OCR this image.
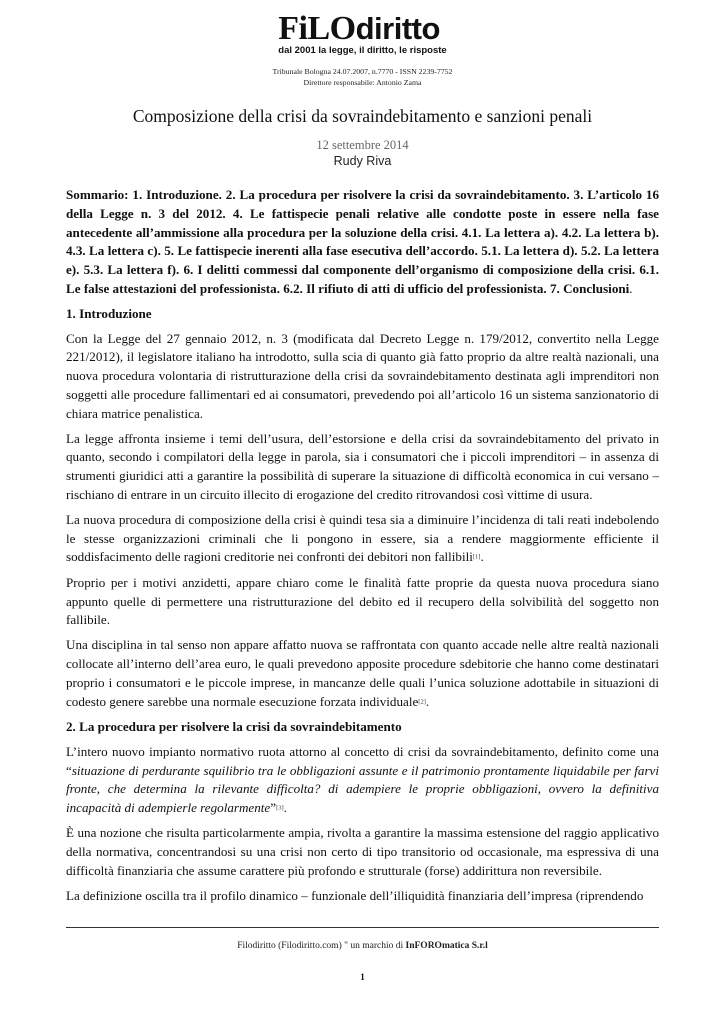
FiLOdiritto
dal 2001 la legge, il diritto, le risposte
Tribunale Bologna 24.07.2007, n.7770 - ISSN 2239-7752
Direttore responsabile: Antonio Zama
Composizione della crisi da sovraindebitamento e sanzioni penali
12 settembre 2014
Rudy Riva

Sommario: 1. Introduzione. 2. La procedura per risolvere la crisi da sovraindebitamento. 3. L’articolo 16 della Legge n. 3 del 2012. 4. Le fattispecie penali relative alle condotte poste in essere nella fase antecedente all’ammissione alla procedura per la soluzione della crisi. 4.1. La lettera a). 4.2. La lettera b). 4.3. La lettera c). 5. Le fattispecie inerenti alla fase esecutiva dell’accordo. 5.1. La lettera d). 5.2. La lettera e). 5.3. La lettera f). 6. I delitti commessi dal componente dell’organismo di composizione della crisi. 6.1. Le false attestazioni del professionista. 6.2. Il rifiuto di atti di ufficio del professionista. 7. Conclusioni.

1. Introduzione

Con la Legge del 27 gennaio 2012, n. 3 (modificata dal Decreto Legge n. 179/2012, convertito nella Legge 221/2012), il legislatore italiano ha introdotto, sulla scia di quanto già fatto proprio da altre realtà nazionali, una nuova procedura volontaria di ristrutturazione della crisi da sovraindebitamento destinata agli imprenditori non soggetti alle procedure fallimentari ed ai consumatori, prevedendo poi all’articolo 16 un sistema sanzionatorio di chiara matrice penalistica.

La legge affronta insieme i temi dell’usura, dell’estorsione e della crisi da sovraindebitamento del privato in quanto, secondo i compilatori della legge in parola, sia i consumatori che i piccoli imprenditori – in assenza di strumenti giuridici atti a garantire la possibilità di superare la situazione di difficoltà economica in cui versano – rischiano di entrare in un circuito illecito di erogazione del credito ritrovandosi così vittime di usura.

La nuova procedura di composizione della crisi è quindi tesa sia a diminuire l’incidenza di tali reati indebolendo le stesse organizzazioni criminali che li pongono in essere, sia a rendere maggiormente efficiente il soddisfacimento delle ragioni creditorie nei confronti dei debitori non fallibili[1].

Proprio per i motivi anzidetti, appare chiaro come le finalità fatte proprie da questa nuova procedura siano appunto quelle di permettere una ristrutturazione del debito ed il recupero della solvibilità del soggetto non fallibile.

Una disciplina in tal senso non appare affatto nuova se raffrontata con quanto accade nelle altre realtà nazionali collocate all’interno dell’area euro, le quali prevedono apposite procedure sdebitorie che hanno come destinatari proprio i consumatori e le piccole imprese, in mancanze delle quali l’unica soluzione adottabile in situazioni di codesto genere sarebbe una normale esecuzione forzata individuale[2].

2. La procedura per risolvere la crisi da sovraindebitamento

L’intero nuovo impianto normativo ruota attorno al concetto di crisi da sovraindebitamento, definito come una “situazione di perdurante squilibrio tra le obbligazioni assunte e il patrimonio prontamente liquidabile per farvi fronte, che determina la rilevante difficolta? di adempiere le proprie obbligazioni, ovvero la definitiva incapacità di adempierle regolarmente”[3].

È una nozione che risulta particolarmente ampia, rivolta a garantire la massima estensione del raggio applicativo della normativa, concentrandosi su una crisi non certo di tipo transitorio od occasionale, ma espressiva di una difficoltà finanziaria che assume carattere più profondo e strutturale (forse) addirittura non reversibile.

La definizione oscilla tra il profilo dinamico – funzionale dell’illiquidità finanziaria dell’impresa (riprendendo

Filodiritto (Filodiritto.com) " un marchio di InFOROmatica S.r.l
1
